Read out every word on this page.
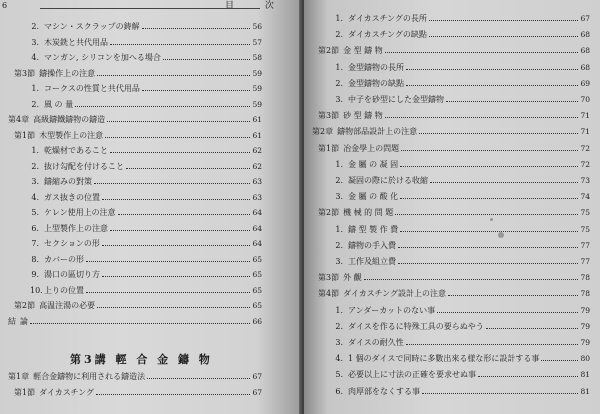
6	目 次
2. マシン・スクラップの鋳解	56
3. 木炭銑と共代用品	57
4. マンガン, シリコンを加へる場合	58
第3節 鑄操作上の注意	59
1. コークスの性質と共代用品	59
2. 風 の 量	59
第4章 高級鑄鐵鑄物の鑄造	61
第1節 木型製作上の注意	61
1. 乾燥材であること	62
2. 抜け勾配を付けること	62
3. 鑄縮みの對策	63
4. ガス抜きの位置	63
5. ケレン使用上の注意	64
6. 上型製作上の注意	64
7. セクションの形	64
8. カバーの形	65
9. 湯口の區切り方	65
10. 上りの位置	65
第2節 高温注湯の必要	65
結 論	66
第3講 輕 合 金 鑄 物
第1章 輕合金鑄物に利用される鑄造法	67
第1節 ダイカスチング	67
1. ダイカスチングの長所	67
2. ダイカスチングの缺點	68
第2節 金 型 鑄 物	68
1. 金型鑄物の長所	68
2. 金型鑄物の缺點	69
3. 中子を砂型にした金型鑄物	70
第3節 砂 型 鑄 物	71
第2章 鑄物部品設計上の注意	71
第1節 冶金學上の問題	72
1. 金 屬 の 凝 固	72
2. 凝固の際に於ける收縮	73
3. 金 屬 の 酸 化	74
第2節 機 械 的 問 題	75
1. 鑄 型 製 作 費	75
2. 鑄物の手入費	77
3. 工作及組立費	77
第3節 外 觀	78
第4節 ダイカスチング設計上の注意	78
1. アンダーカットのない事	79
2. ダイスを作るに特殊工具の要らぬやう	79
3. ダイスの耐久性	79
4. 1 個のダイスで同時に多數出來る様な形に設計する事	80
5. 必要以上に寸法の正確を要求せぬ事	81
6. 肉厚部をなくする事	81
